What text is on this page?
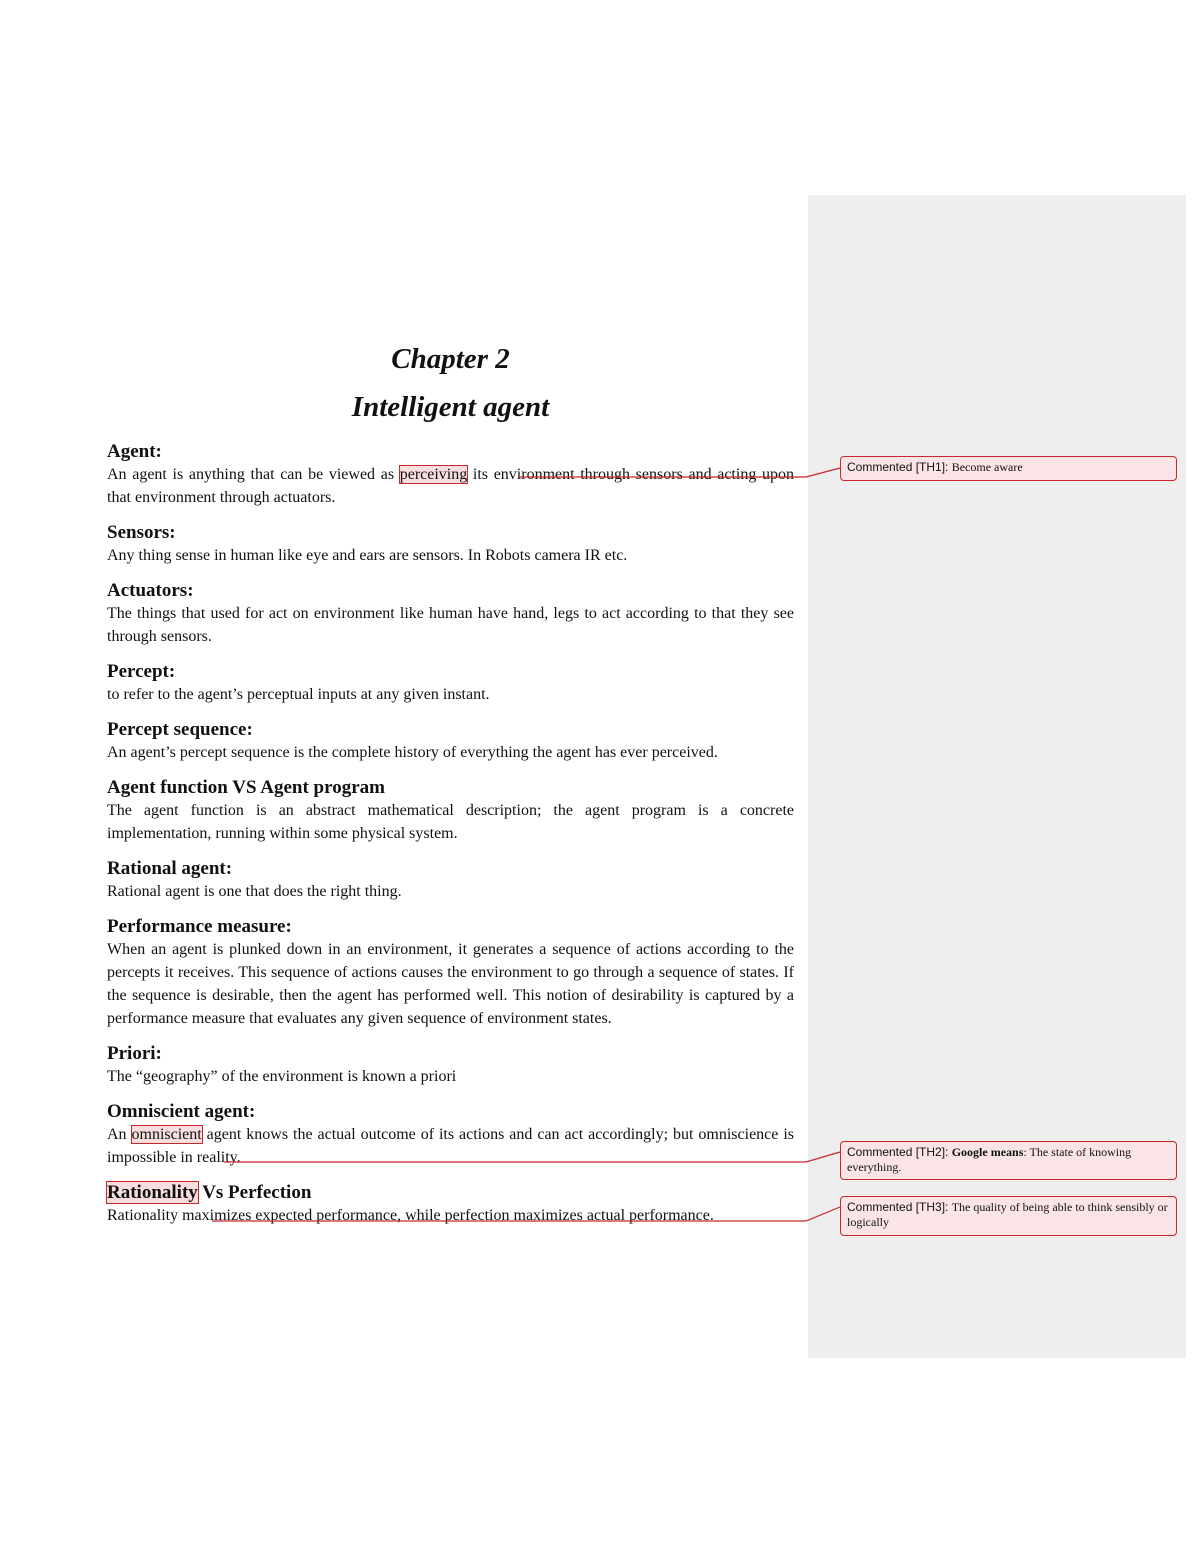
Chapter 2

Intelligent agent

Agent:

An agent is anything that can be viewed as perceiving its environment through sensors and acting upon that environment through actuators.

Sensors:

Any thing sense in human like eye and ears are sensors. In Robots camera IR etc.

Actuators:

The things that used for act on environment like human have hand, legs to act according to that they see through sensors.

Percept:

to refer to the agent’s perceptual inputs at any given instant.

Percept sequence:

An agent’s percept sequence is the complete history of everything the agent has ever perceived.

Agent function VS Agent program

The agent function is an abstract mathematical description; the agent program is a concrete implementation, running within some physical system.

Rational agent:

Rational agent is one that does the right thing.

Performance measure:

When an agent is plunked down in an environment, it generates a sequence of actions according to the percepts it receives. This sequence of actions causes the environment to go through a sequence of states. If the sequence is desirable, then the agent has performed well. This notion of desirability is captured by a performance measure that evaluates any given sequence of environment states.

Priori:

The “geography” of the environment is known a priori

Omniscient agent:

An omniscient agent knows the actual outcome of its actions and can act accordingly; but omniscience is impossible in reality.

Rationality Vs Perfection

Rationality maximizes expected performance, while perfection maximizes actual performance.

Commented [TH1]: Become aware
Commented [TH2]: Google means: The state of knowing everything.
Commented [TH3]: The quality of being able to think sensibly or logically
